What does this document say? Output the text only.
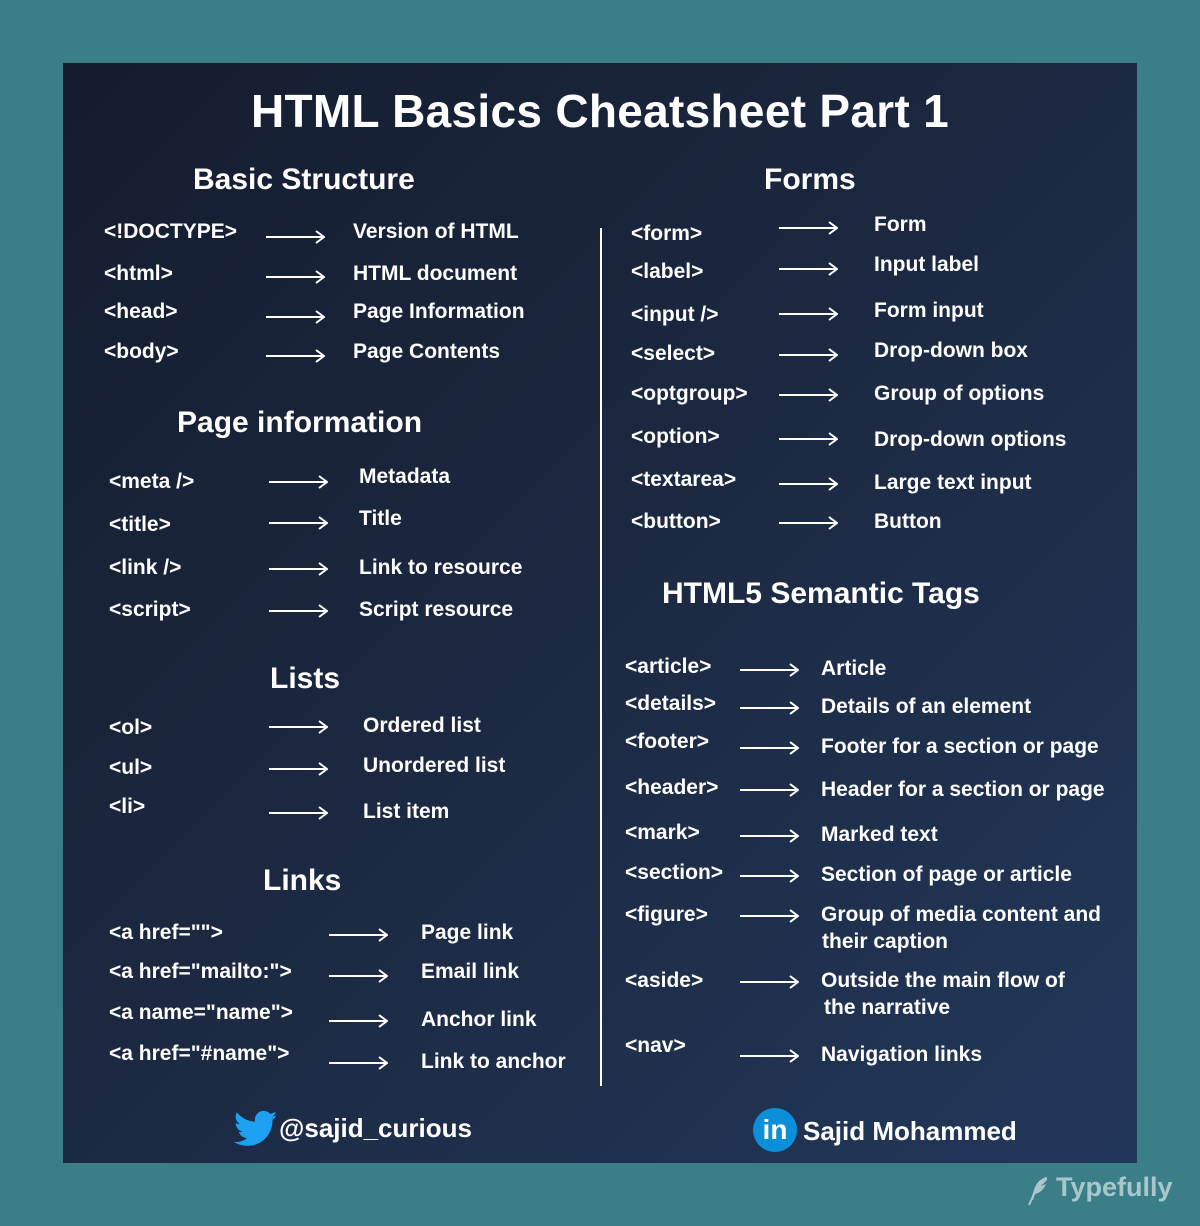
HTML Basics Cheatsheet Part 1
Basic Structure
<!DOCTYPE>	Version of HTML
<html>	HTML document
<head>	Page Information
<body>	Page Contents
Page information
<meta />	Metadata
<title>	Title
<link />	Link to resource
<script>	Script resource
Lists
<ol>	Ordered list
<ul>	Unordered list
<li>	List item
Links
<a href="">	Page link
<a href="mailto:">	Email link
<a name="name">	Anchor link
<a href="#name">	Link to anchor
Forms
<form>	Form
<label>	Input label
<input />	Form input
<select>	Drop-down box
<optgroup>	Group of options
<option>	Drop-down options
<textarea>	Large text input
<button>	Button
HTML5 Semantic Tags
<article>	Article
<details>	Details of an element
<footer>	Footer for a section or page
<header>	Header for a section or page
<mark>	Marked text
<section>	Section of page or article
<figure>	Group of media content and
their caption
<aside>	Outside the main flow of
the narrative
<nav>	Navigation links
@sajid_curious	in Sajid Mohammed
Typefully
